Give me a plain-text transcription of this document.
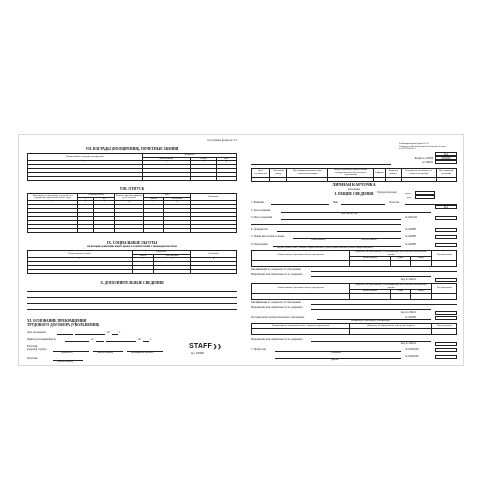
4-я страница формы № Т-2
VII. НАГРАДЫ (ПООЩРЕНИЯ), ПОЧЕТНЫЕ ЗВАНИЯ
Наименование награды (поощрения)	Документ		
	наименование	номер	дата
1	2	3	4

VIII. ОТПУСК
Вид отпуска (ежегодный, учебный, без сохранения заработной платы и др.)	Период работы		Количество календарных дней отпуска	Дата		Основание
	с	по		начала	окончания	
1	2	3	4	5	6	7

IX. СОЦИАЛЬНЫЕ ЛЬГОТЫ
на которые работник имеет право в соответствии с законодательством
Наименование льготы	Документ		Основание
	номер	дата выдачи	
1	2	3	4

X. ДОПОЛНИТЕЛЬНЫЕ СВЕДЕНИЯ
XI. ОСНОВАНИЕ ПРЕКРАЩЕНИЯ
ТРУДОВОГО ДОГОВОРА (УВОЛЬНЕНИЯ)
Дата увольнения	20	г.
Приказ (распоряжение) №	от	20	г.
Работник
кадровой службы
(должность)	(личная подпись)	(расшифровка подписи)
Работник
(личная подпись)
STAFF❯❯
арт. 130265
Унифицированная форма № Т-2
Утверждена Постановлением Госкомстата России
от 05.01.2004 № 1
Код
Форма по ОКУД	0301002
по ОКПО
Дата составления	Табельный номер	Идентификационный номер налогоплательщика	Номер страхового свидетельства государственного пенсионного страхования	Алфавит	Характер работы	Вид работы (основная, по совместительству)	Пол (мужской, женский)

ЛИЧНАЯ КАРТОЧКА
работника
I. ОБЩИЕ СВЕДЕНИЯ	Трудовой договор	номер
дата
1. Фамилия	Имя	Отчество
Код
2. Дата рождения
(день, месяц, год)
3. Место рождения	по ОКАТО
4. Гражданство	по ОКИН
5. Знание иностранного языка	по ОКИН
(наименование)	(степень знания)
6. Образование	по ОКИН
(среднее (полное) общее, начальное профессиональное, среднее профессиональное, высшее профессиональное)
Наименование образовательного учреждения	Документ об образовании, о квалификации или наличии специальных знаний			Год окончания
	наименование	серия	номер	

Квалификация по документу об образовании
Направление или специальность по документу
Код по ОКСО
Наименование образовательного учреждения	Документ об образовании, о квалификации или наличии специальных знаний			Год окончания
	наименование	серия	номер	

Квалификация по документу об образовании
Направление или специальность по документу
Код по ОКСО
Послевузовское профессиональное образование
(аспирантура, адъюнктура, докторантура)
по ОКИН
Наименование образовательного, научного учреждения	Документ об образовании, номер, дата выдачи	Год окончания

Направление или специальность по документу
Код по ОКСО
7. Профессия
(основная)
по ОКПДТР
(другая)
по ОКПДТР
